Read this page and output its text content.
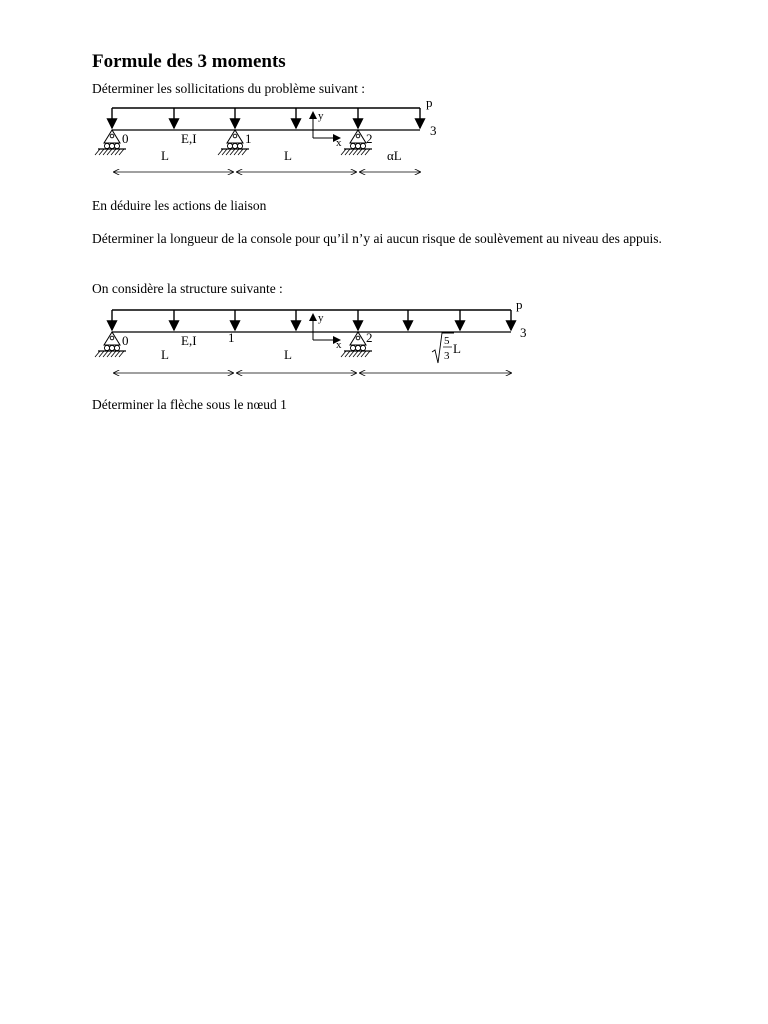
Formule des 3 moments

Déterminer les sollicitations du problème suivant :

y
x
p
0	1	2
3
E,I
L	L	αL

En déduire les actions de liaison

Déterminer la longueur de la console pour qu’il n’y ai aucun risque de soulèvement au niveau des appuis.

On considère la structure suivante :

y
x
p
0	1	2	3
E,I
L	L
5
3 L

Déterminer la flèche sous le nœud 1
